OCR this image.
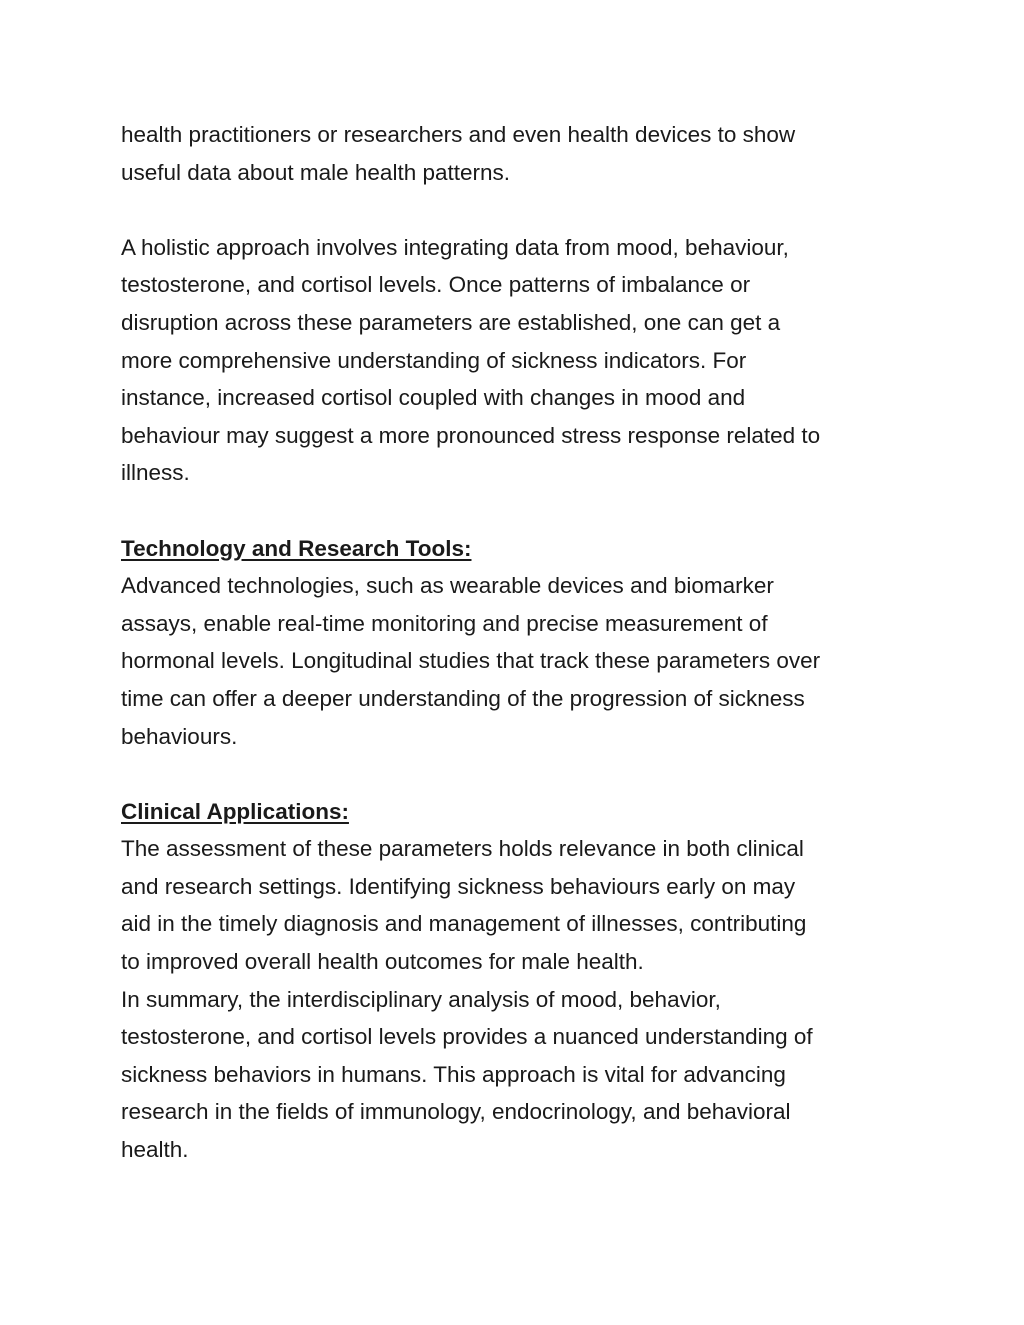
health practitioners or researchers and even health devices to show
useful data about male health patterns.

A holistic approach involves integrating data from mood, behaviour,
testosterone, and cortisol levels. Once patterns of imbalance or
disruption across these parameters are established, one can get a
more comprehensive understanding of sickness indicators. For
instance, increased cortisol coupled with changes in mood and
behaviour may suggest a more pronounced stress response related to
illness.

Technology and Research Tools:

Advanced technologies, such as wearable devices and biomarker
assays, enable real-time monitoring and precise measurement of
hormonal levels. Longitudinal studies that track these parameters over
time can offer a deeper understanding of the progression of sickness
behaviours.

Clinical Applications:

The assessment of these parameters holds relevance in both clinical
and research settings. Identifying sickness behaviours early on may
aid in the timely diagnosis and management of illnesses, contributing
to improved overall health outcomes for male health.

In summary, the interdisciplinary analysis of mood, behavior,
testosterone, and cortisol levels provides a nuanced understanding of
sickness behaviors in humans. This approach is vital for advancing
research in the fields of immunology, endocrinology, and behavioral
health.
